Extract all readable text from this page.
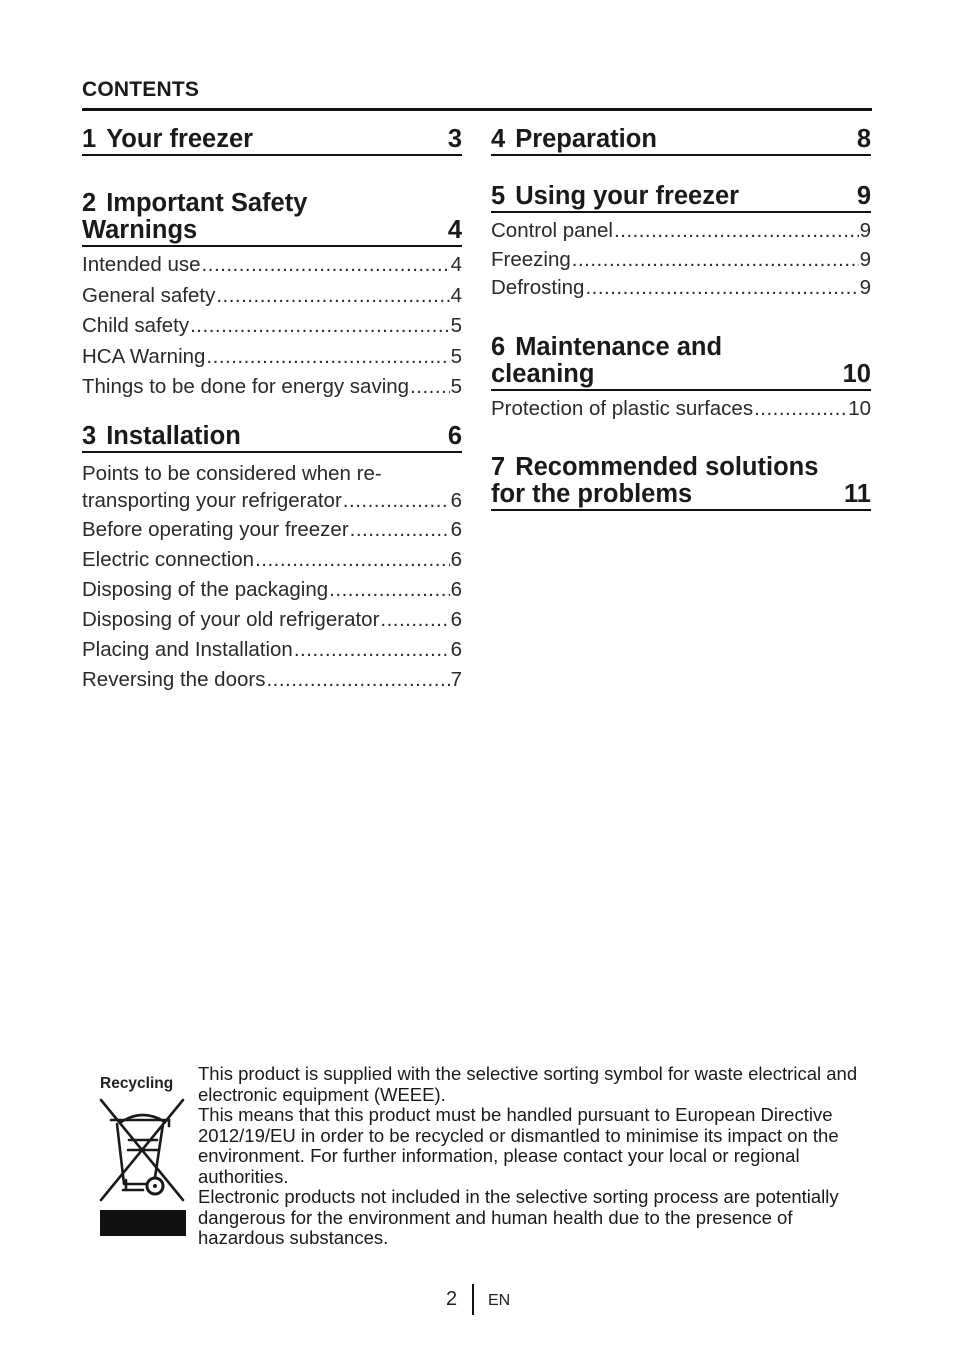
CONTENTS
1 Your freezer	3
2 Important Safety
Warnings	4
Intended use .....	4
General safety .....	4
Child safety .....	5
HCA Warning .....	5
Things to be done for energy saving ..... 5
3 Installation	6
Points to be considered when re-
transporting your refrigerator .....	6
Before operating your freezer .....	6
Electric connection .....	6
Disposing of the packaging .....	6
Disposing of your old refrigerator .....	6
Placing and Installation .....	6
Reversing the doors .....	7
4 Preparation	8
5 Using your freezer	9
Control panel .....	9
Freezing .....	9
Defrosting .....	9
6 Maintenance and
cleaning	10
Protection of plastic surfaces .....	10
7 Recommended solutions
for the problems	11
Recycling This product is supplied with the selective sorting symbol for waste electrical and electronic equipment (WEEE).

This means that this product must be handled pursuant to European Directive 2012/19/EU in order to be recycled or dismantled to minimise its impact on the environment. For further information, please contact your local or regional authorities.

Electronic products not included in the selective sorting process are potentially dangerous for the environment and human health due to the presence of hazardous substances.

2 EN
